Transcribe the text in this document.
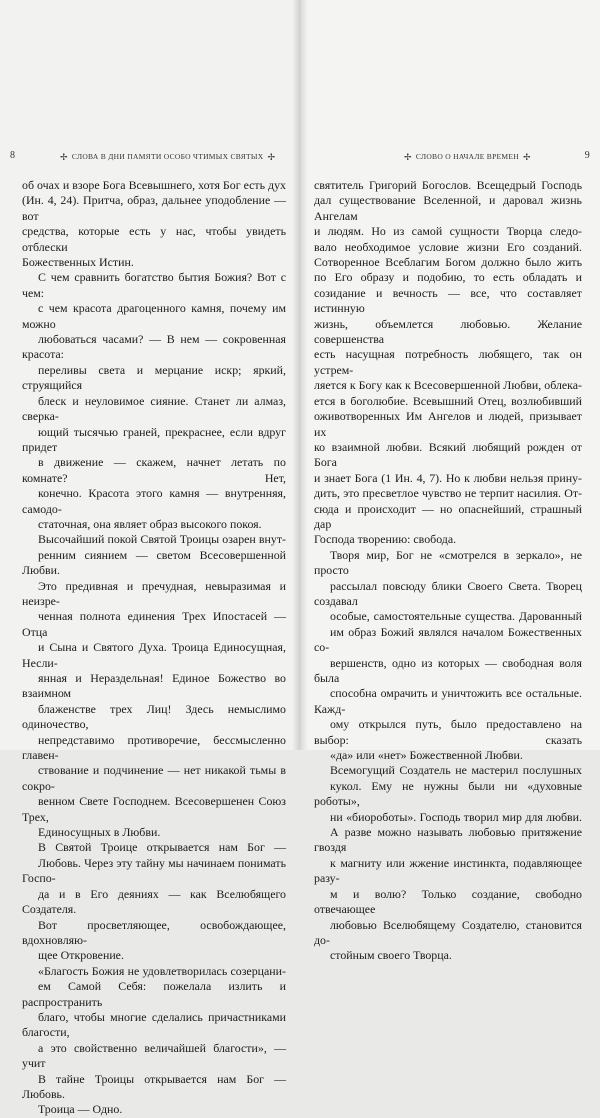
8	✢ СЛОВА В ДНИ ПАМЯТИ ОСОБО ЧТИМЫХ СВЯТЫХ ✢

об очах и взоре Бога Всевышнего, хотя Бог есть дух
(Ин. 4, 24). Притча, образ, дальнее уподобление — вот
средства, которые есть у нас, чтобы увидеть отблески
Божественных Истин.

С чем сравнить богатство бытия Божия? Вот с чем:
с чем красота драгоценного камня, почему им можно
любоваться часами? — В нем — сокровенная красота:
переливы света и мерцание искр; яркий, струящийся
блеск и неуловимое сияние. Станет ли алмаз, сверка-
ющий тысячью граней, прекраснее, если вдруг придет
в движение — скажем, начнет летать по комнате? Нет,
конечно. Красота этого камня — внутренняя, самодо-
статочная, она являет образ высокого покоя.

Высочайший покой Святой Троицы озарен внут-
ренним сиянием — светом Всесовершенной Любви.
Это предивная и пречудная, невыразимая и неизре-
ченная полнота единения Трех Ипостасей — Отца
и Сына и Святого Духа. Троица Единосущная, Несли-
янная и Нераздельная! Единое Божество во взаимном
блаженстве трех Лиц! Здесь немыслимо одиночество,
непредставимо противоречие, бессмысленно главен-
ствование и подчинение — нет никакой тьмы в сокро-
венном Свете Господнем. Всесовершенен Союз Трех,
Единосущных в Любви.

В Святой Троице открывается нам Бог —
Любовь. Через эту тайну мы начинаем понимать Госпо-
да и в Его деяниях — как Вселюбящего Создателя.
Вот просветляющее, освобождающее, вдохновляю-
щее Откровение.

«Благость Божия не удовлетворилась созерцани-
ем Самой Себя: пожелала излить и распространить
благо, чтобы многие сделались причастниками благости,
а это свойственно величайшей благости», — учит

В тайне Троицы открывается нам Бог — Любовь.
Троица — Одно.

✢ СЛОВО О НАЧАЛЕ ВРЕМЕН ✢	9

святитель Григорий Богослов. Всещедрый Господь
дал существование Вселенной, и даровал жизнь Ангелам
и людям. Но из самой сущности Творца следо-
вало необходимое условие жизни Его созданий.
Сотворенное Всеблагим Богом должно было жить
по Его образу и подобию, то есть обладать и
созидание и вечность — все, что составляет истинную
жизнь, объемлется любовью. Желание совершенства
есть насущная потребность любящего, так он устрем-
ляется к Богу как к Всесовершенной Любви, облека-
ется в боголюбие. Всевышний Отец, возлюбивший
оживотворенных Им Ангелов и людей, призывает их
ко взаимной любви. Всякий любящий рожден от Бога
и знает Бога (1 Ин. 4, 7). Но к любви нельзя прину-
дить, это пресветлое чувство не терпит насилия. От-
сюда и происходит — но опаснейший, страшный дар
Господа творению: свобода.

Творя мир, Бог не «смотрелся в зеркало», не просто
рассылал повсюду блики Своего Света. Творец создавал
особые, самостоятельные существа. Дарованный
им образ Божий являлся началом Божественных со-
вершенств, одно из которых — свободная воля была
способна омрачить и уничтожить все остальные. Кажд-
ому открылся путь, было предоставлено на выбор: сказать
«да» или «нет» Божественной Любви.

Всемогущий Создатель не мастерил послушных
кукол. Ему не нужны были ни «духовные роботы»,
ни «биороботы». Господь творил мир для любви.
А разве можно называть любовью притяжение гвоздя
к магниту или жжение инстинкта, подавляющее разу-
м и волю? Только создание, свободно отвечающее
любовью Вселюбящему Создателю, становится до-
стойным своего Творца.
